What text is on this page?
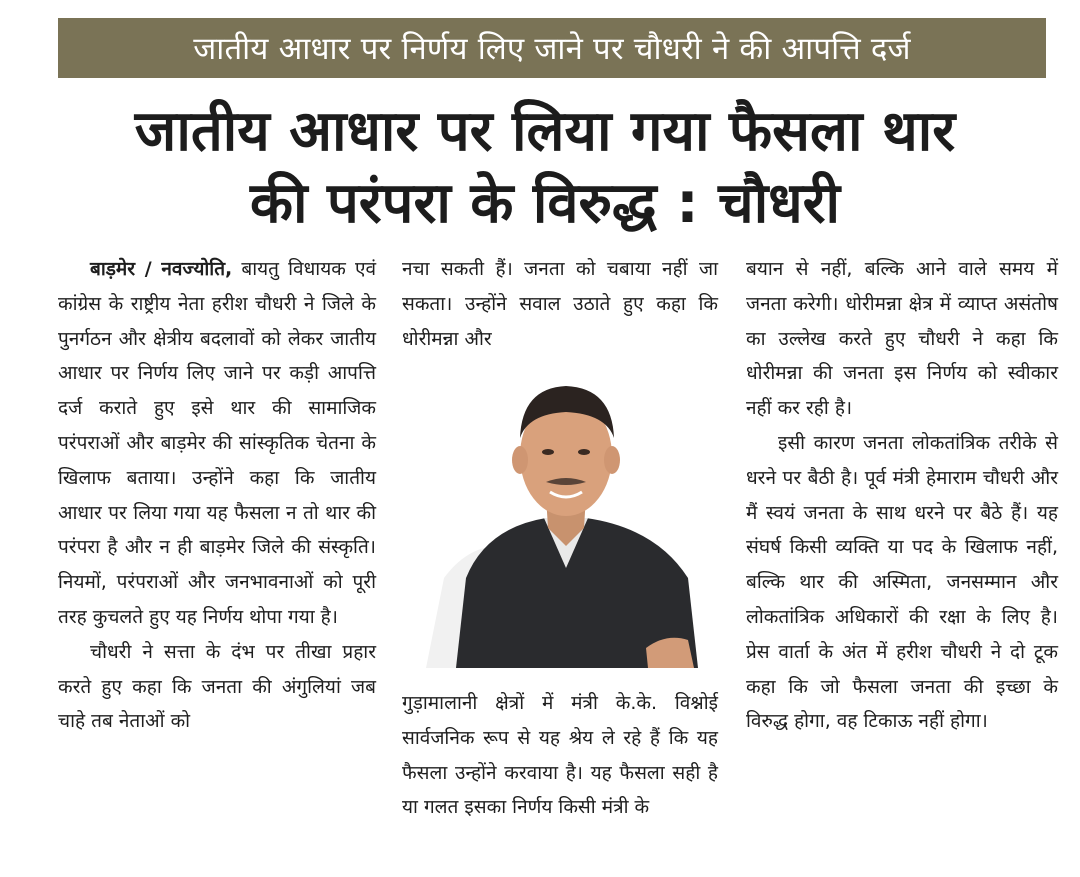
जातीय आधार पर निर्णय लिए जाने पर चौधरी ने की आपत्ति दर्ज
जातीय आधार पर लिया गया फैसला थार
की परंपरा के विरुद्ध : चौधरी

बाड़मेर / नवज्योति, बायतु विधायक एवं कांग्रेस के राष्ट्रीय नेता हरीश चौधरी ने जिले के पुनर्गठन और क्षेत्रीय बदलावों को लेकर जातीय आधार पर निर्णय लिए जाने पर कड़ी आपत्ति दर्ज कराते हुए इसे थार की सामाजिक परंपराओं और बाड़मेर की सांस्कृतिक चेतना के खिलाफ बताया। उन्होंने कहा कि जातीय आधार पर लिया गया यह फैसला न तो थार की परंपरा है और न ही बाड़मेर जिले की संस्कृति। नियमों, परंपराओं और जनभावनाओं को पूरी तरह कुचलते हुए यह निर्णय थोपा गया है।

चौधरी ने सत्ता के दंभ पर तीखा प्रहार करते हुए कहा कि जनता की अंगुलियां जब चाहे तब नेताओं को

नचा सकती हैं। जनता को चबाया नहीं जा सकता। उन्होंने सवाल उठाते हुए कहा कि धोरीमन्ना और

गुड़ामालानी क्षेत्रों में मंत्री के.के. विश्नोई सार्वजनिक रूप से यह श्रेय ले रहे हैं कि यह फैसला उन्होंने करवाया है। यह फैसला सही है या गलत इसका निर्णय किसी मंत्री के

बयान से नहीं, बल्कि आने वाले समय में जनता करेगी। धोरीमन्ना क्षेत्र में व्याप्त असंतोष का उल्लेख करते हुए चौधरी ने कहा कि धोरीमन्ना की जनता इस निर्णय को स्वीकार नहीं कर रही है।

इसी कारण जनता लोकतांत्रिक तरीके से धरने पर बैठी है। पूर्व मंत्री हेमाराम चौधरी और मैं स्वयं जनता के साथ धरने पर बैठे हैं। यह संघर्ष किसी व्यक्ति या पद के खिलाफ नहीं, बल्कि थार की अस्मिता, जनसम्मान और लोकतांत्रिक अधिकारों की रक्षा के लिए है। प्रेस वार्ता के अंत में हरीश चौधरी ने दो टूक कहा कि जो फैसला जनता की इच्छा के विरुद्ध होगा, वह टिकाऊ नहीं होगा।
